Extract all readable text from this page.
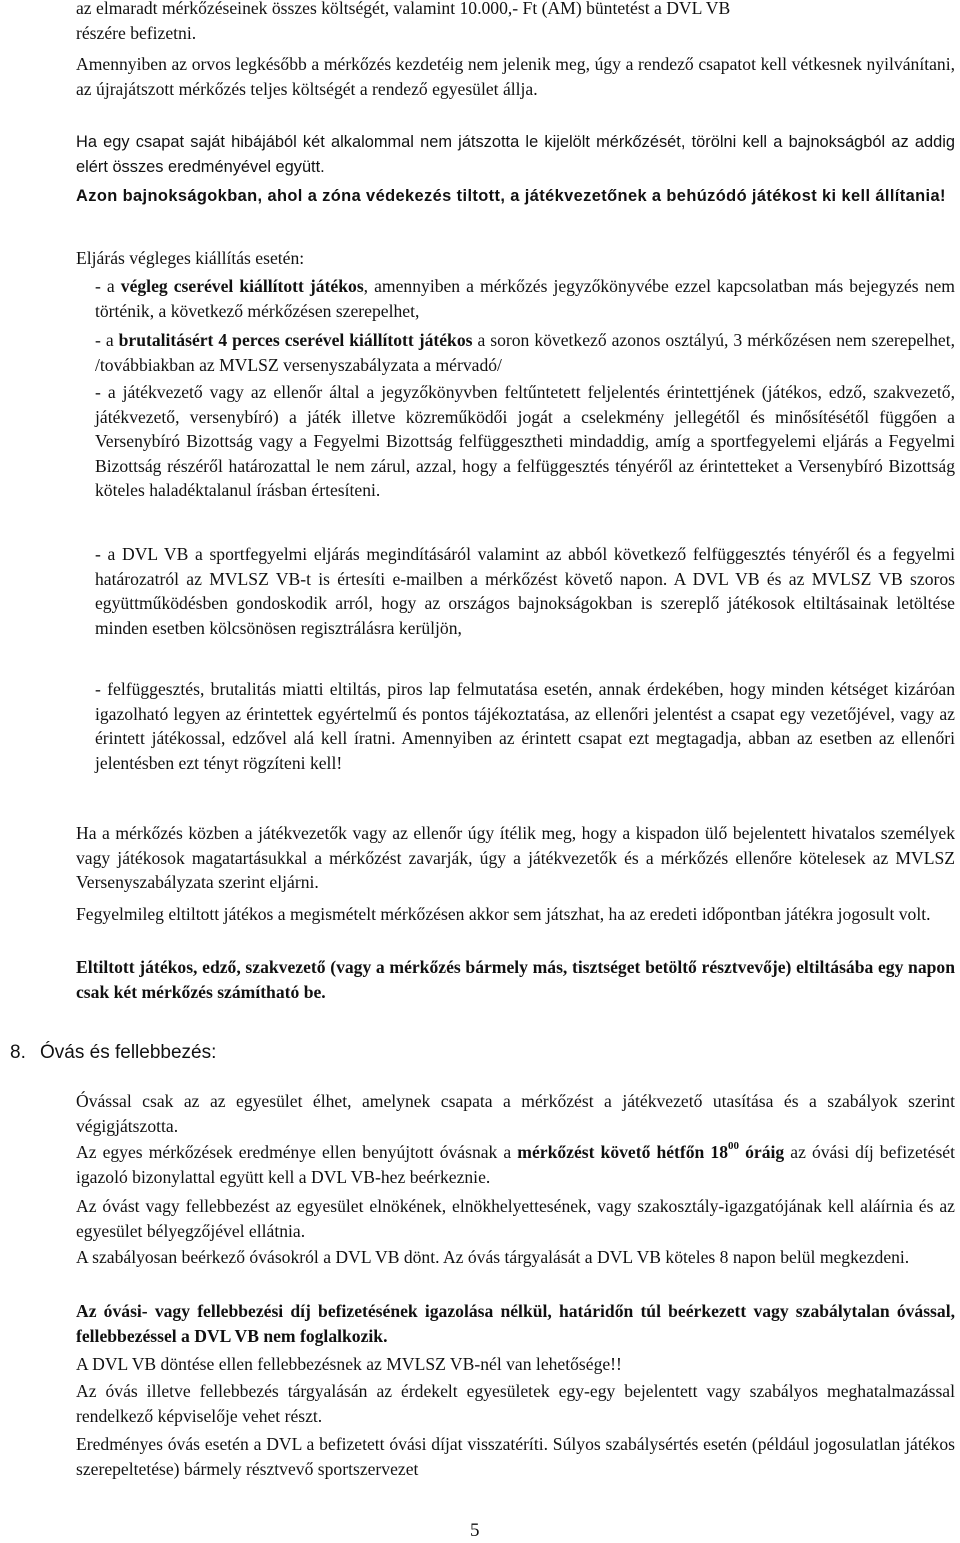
az elmaradt mérkőzéseinek összes költségét, valamint 10.000,- Ft (AM) büntetést a DVL VB
részére befizetni.

Amennyiben az orvos legkésőbb a mérkőzés kezdetéig nem jelenik meg, úgy a rendező csapatot kell vétkesnek nyilvánítani, az újrajátszott mérkőzés teljes költségét a rendező egyesület állja.

Ha egy csapat saját hibájából két alkalommal nem játszotta le kijelölt mérkőzését, törölni kell a bajnokságból az addig elért összes eredményével együtt.

Azon bajnokságokban, ahol a zóna védekezés tiltott, a játékvezetőnek a behúzódó játékost ki kell állítania!

Eljárás végleges kiállítás esetén:

- a végleg cserével kiállított játékos, amennyiben a mérkőzés jegyzőkönyvébe ezzel kapcsolatban más bejegyzés nem történik, a következő mérkőzésen szerepelhet,

- a brutalitásért 4 perces cserével kiállított játékos a soron következő azonos osztályú, 3 mérkőzésen nem szerepelhet, /továbbiakban az MVLSZ versenyszabályzata a mérvadó/

- a játékvezető vagy az ellenőr által a jegyzőkönyvben feltűntetett feljelentés érintettjének (játékos, edző, szakvezető, játékvezető, versenybíró) a játék illetve közreműködői jogát a cselekmény jellegétől és minősítésétől függően a Versenybíró Bizottság vagy a Fegyelmi Bizottság felfüggesztheti mindaddig, amíg a sportfegyelemi eljárás a Fegyelmi Bizottság részéről határozattal le nem zárul, azzal, hogy a felfüggesztés tényéről az érintetteket a Versenybíró Bizottság köteles haladéktalanul írásban értesíteni.

- a DVL VB a sportfegyelmi eljárás megindításáról valamint az abból következő felfüggesztés tényéről és a fegyelmi határozatról az MVLSZ VB-t is értesíti e-mailben a mérkőzést követő napon. A DVL VB és az MVLSZ VB szoros együttműködésben gondoskodik arról, hogy az országos bajnokságokban is szereplő játékosok eltiltásainak letöltése minden esetben kölcsönösen regisztrálásra kerüljön,

- felfüggesztés, brutalitás miatti eltiltás, piros lap felmutatása esetén, annak érdekében, hogy minden kétséget kizáróan igazolható legyen az érintettek egyértelmű és pontos tájékoztatása, az ellenőri jelentést a csapat egy vezetőjével, vagy az érintett játékossal, edzővel alá kell íratni. Amennyiben az érintett csapat ezt megtagadja, abban az esetben az ellenőri jelentésben ezt tényt rögzíteni kell!

Ha a mérkőzés közben a játékvezetők vagy az ellenőr úgy ítélik meg, hogy a kispadon ülő bejelentett hivatalos személyek vagy játékosok magatartásukkal a mérkőzést zavarják, úgy a játékvezetők és a mérkőzés ellenőre kötelesek az MVLSZ Versenyszabályzata szerint eljárni.

Fegyelmileg eltiltott játékos a megismételt mérkőzésen akkor sem játszhat, ha az eredeti időpontban játékra jogosult volt.

Eltiltott játékos, edző, szakvezető (vagy a mérkőzés bármely más, tisztséget betöltő résztvevője) eltiltásába egy napon csak két mérkőzés számítható be.

8. Óvás és fellebbezés:

Óvással csak az az egyesület élhet, amelynek csapata a mérkőzést a játékvezető utasítása és a szabályok szerint végigjátszotta.

Az egyes mérkőzések eredménye ellen benyújtott óvásnak a mérkőzést követő hétfőn $18^{00}$ óráig az óvási díj befizetését igazoló bizonylattal együtt kell a DVL VB-hez beérkeznie.

Az óvást vagy fellebbezést az egyesület elnökének, elnökhelyettesének, vagy szakosztály-igazgatójának kell aláírnia és az egyesület bélyegzőjével ellátnia.

A szabályosan beérkező óvásokról a DVL VB dönt. Az óvás tárgyalását a DVL VB köteles 8 napon belül megkezdeni.

Az óvási- vagy fellebbezési díj befizetésének igazolása nélkül, határidőn túl beérkezett vagy szabálytalan óvással, fellebbezéssel a DVL VB nem foglalkozik.

A DVL VB döntése ellen fellebbezésnek az MVLSZ VB-nél van lehetősége!!

Az óvás illetve fellebbezés tárgyalásán az érdekelt egyesületek egy-egy bejelentett vagy szabályos meghatalmazással rendelkező képviselője vehet részt.

Eredményes óvás esetén a DVL a befizetett óvási díjat visszatéríti. Súlyos szabálysértés esetén (például jogosulatlan játékos szerepeltetése) bármely résztvevő sportszervezet

5
